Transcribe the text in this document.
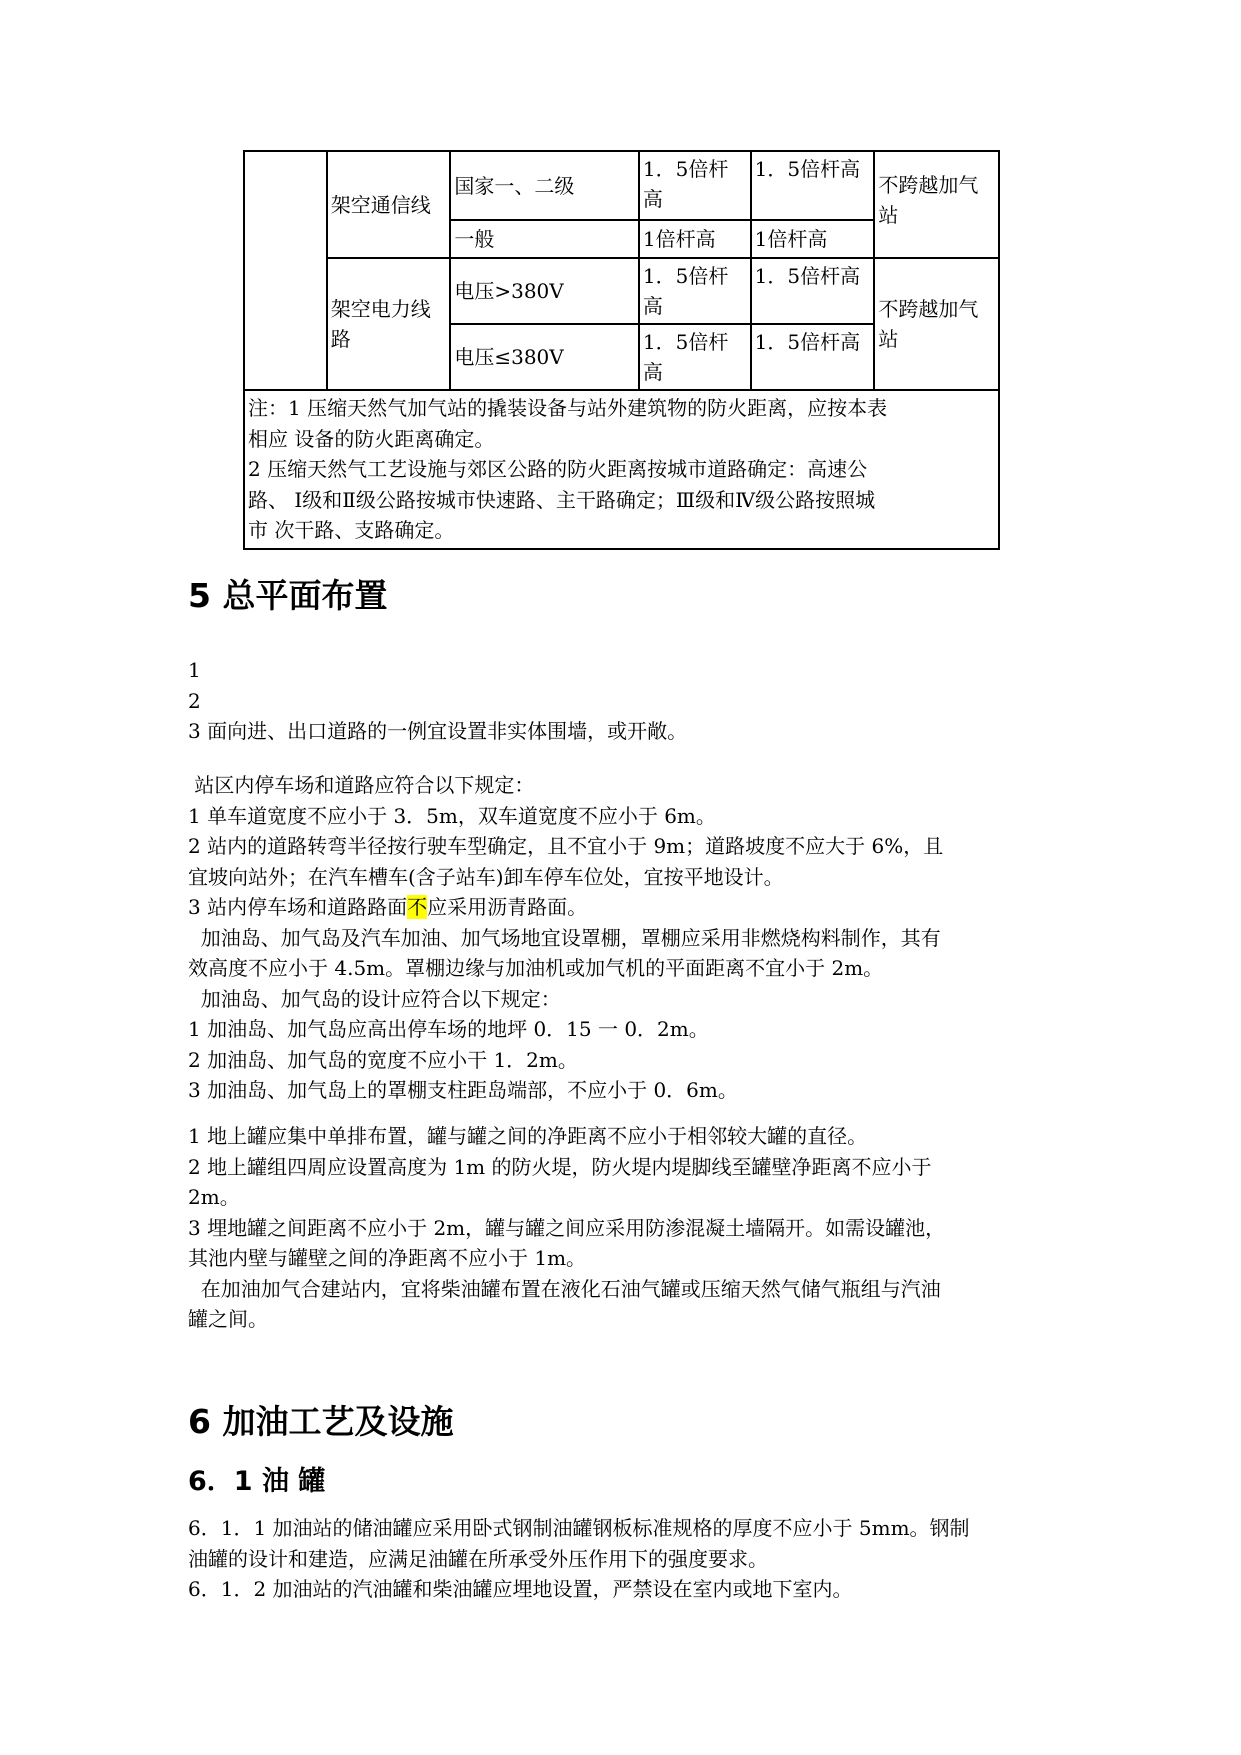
	架空通信线	国家一、二级	1．5倍杆高	1．5倍杆高	不跨越加气站
		一般	1倍杆高	1倍杆高	
	架空电力线路	电压>380V	1．5倍杆高	1．5倍杆高	不跨越加气站
		电压≤380V	1．5倍杆高	1．5倍杆高	

注：1 压缩天然气加气站的撬装设备与站外建筑物的防火距离，应按本表
相应 设备的防火距离确定。
2 压缩天然气工艺设施与郊区公路的防火距离按城市道路确定：高速公
路、 Ⅰ级和Ⅱ级公路按城市快速路、主干路确定；Ⅲ级和Ⅳ级公路按照城
市 次干路、支路确定。					
5 总平面布置
1
2
3 面向进、出口道路的一例宜设置非实体围墙，或开敞。
站区内停车场和道路应符合以下规定：
1 单车道宽度不应小于 3．5m，双车道宽度不应小于 6m。
2 站内的道路转弯半径按行驶车型确定，且不宜小于 9m；道路坡度不应大于 6%，且
宜坡向站外；在汽车槽车(含子站车)卸车停车位处，宜按平地设计。
3 站内停车场和道路路面不应采用沥青路面。
加油岛、加气岛及汽车加油、加气场地宜设罩棚，罩棚应采用非燃烧构料制作，其有
效高度不应小于 4.5m。罩棚边缘与加油机或加气机的平面距离不宜小于 2m。
加油岛、加气岛的设计应符合以下规定：
1 加油岛、加气岛应高出停车场的地坪 0．15 一 0．2m。
2 加油岛、加气岛的宽度不应小干 1．2m。
3 加油岛、加气岛上的罩棚支柱距岛端部，不应小于 0．6m。
1 地上罐应集中单排布置，罐与罐之间的净距离不应小于相邻较大罐的直径。
2 地上罐组四周应设置高度为 1m 的防火堤，防火堤内堤脚线至罐壁净距离不应小于
2m。
3 埋地罐之间距离不应小于 2m，罐与罐之间应采用防渗混凝土墙隔开。如需设罐池，
其池内壁与罐壁之间的净距离不应小于 1m。
在加油加气合建站内，宜将柴油罐布置在液化石油气罐或压缩天然气储气瓶组与汽油
罐之间。
6 加油工艺及设施
6．1 油 罐
6．1．1 加油站的储油罐应采用卧式钢制油罐钢板标准规格的厚度不应小于 5mm。钢制
油罐的设计和建造，应满足油罐在所承受外压作用下的强度要求。
6．1．2 加油站的汽油罐和柴油罐应埋地设置，严禁设在室内或地下室内。
